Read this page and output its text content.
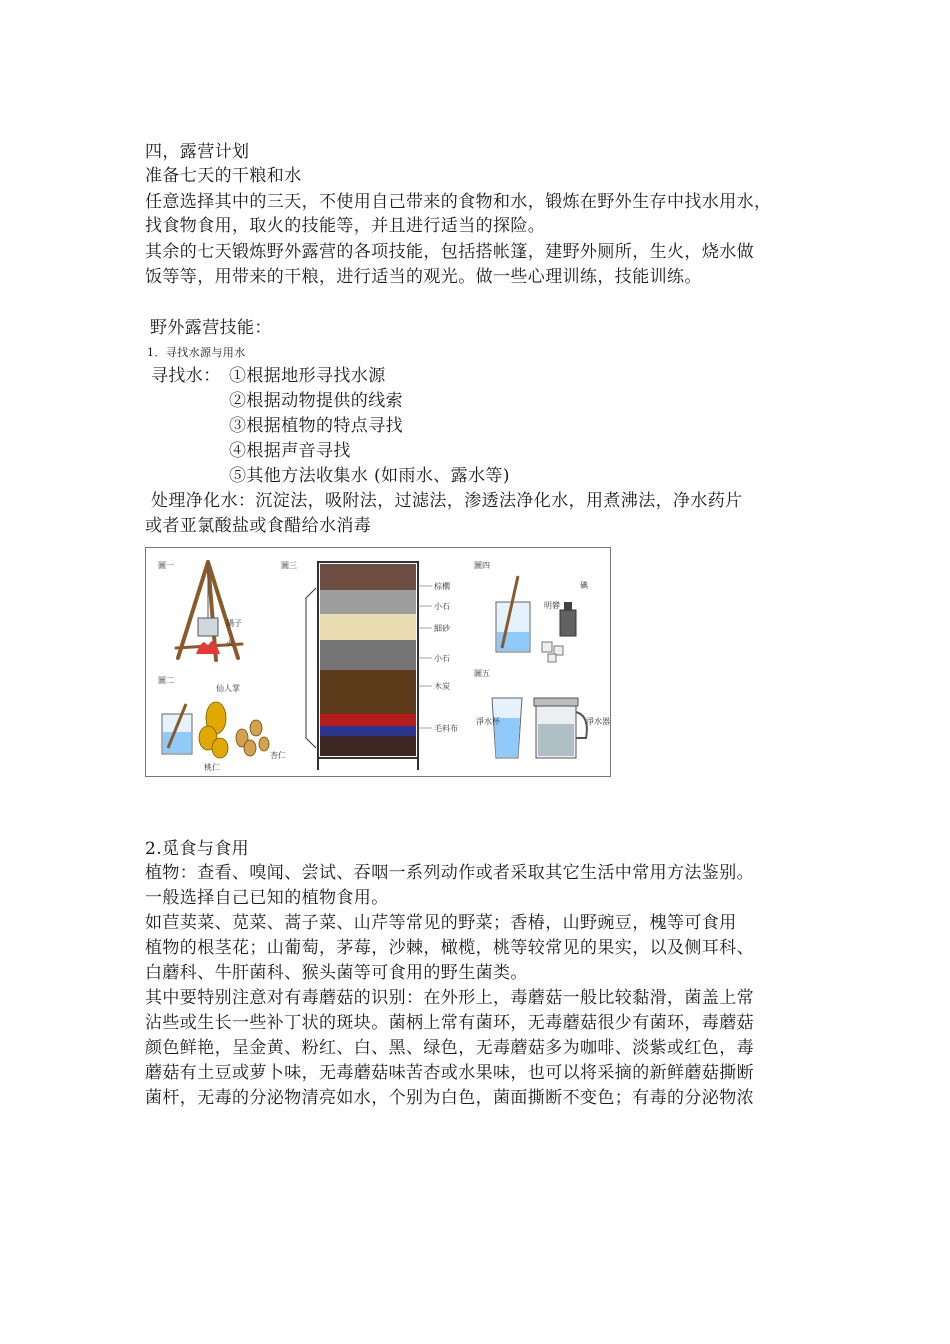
四，露营计划
准备七天的干粮和水
任意选择其中的三天，不使用自己带来的食物和水，锻炼在野外生存中找水用水，
找食物食用，取火的技能等，并且进行适当的探险。
其余的七天锻炼野外露营的各项技能，包括搭帐篷，建野外厕所，生火，烧水做
饭等等，用带来的干粮，进行适当的观光。做一些心理训练，技能训练。
野外露营技能：
1．寻找水源与用水
寻找水： ①根据地形寻找水源
②根据动物提供的线索
③根据植物的特点寻找
④根据声音寻找
⑤其他方法收集水 (如雨水、露水等)
处理净化水：沉淀法，吸附法，过滤法，渗透法净化水，用煮沸法，净水药片
或者亚氯酸盐或食醋给水消毒
圖一
鍋子
火
圖二
仙人掌
桃仁
杏仁
圖三
棕櫚
小石
細砂
小石
木炭
毛料布
圖四
明礬
碘
圖五
淨水杯	淨水器
2.觅食与食用
植物：查看、嗅闻、尝试、吞咽一系列动作或者采取其它生活中常用方法鉴别。
一般选择自己已知的植物食用。
如苣荬菜、苋菜、蒿子菜、山芹等常见的野菜；香椿，山野豌豆，槐等可食用
植物的根茎花；山葡萄，茅莓，沙棘，橄榄，桃等较常见的果实，以及侧耳科、
白蘑科、牛肝菌科、猴头菌等可食用的野生菌类。
其中要特别注意对有毒蘑菇的识别：在外形上，毒蘑菇一般比较黏滑，菌盖上常
沾些或生长一些补丁状的斑块。菌柄上常有菌环，无毒蘑菇很少有菌环，毒蘑菇
颜色鲜艳，呈金黄、粉红、白、黑、绿色，无毒蘑菇多为咖啡、淡紫或红色，毒
蘑菇有土豆或萝卜味，无毒蘑菇味苦杏或水果味，也可以将采摘的新鲜蘑菇撕断
菌杆，无毒的分泌物清亮如水，个别为白色，菌面撕断不变色；有毒的分泌物浓
